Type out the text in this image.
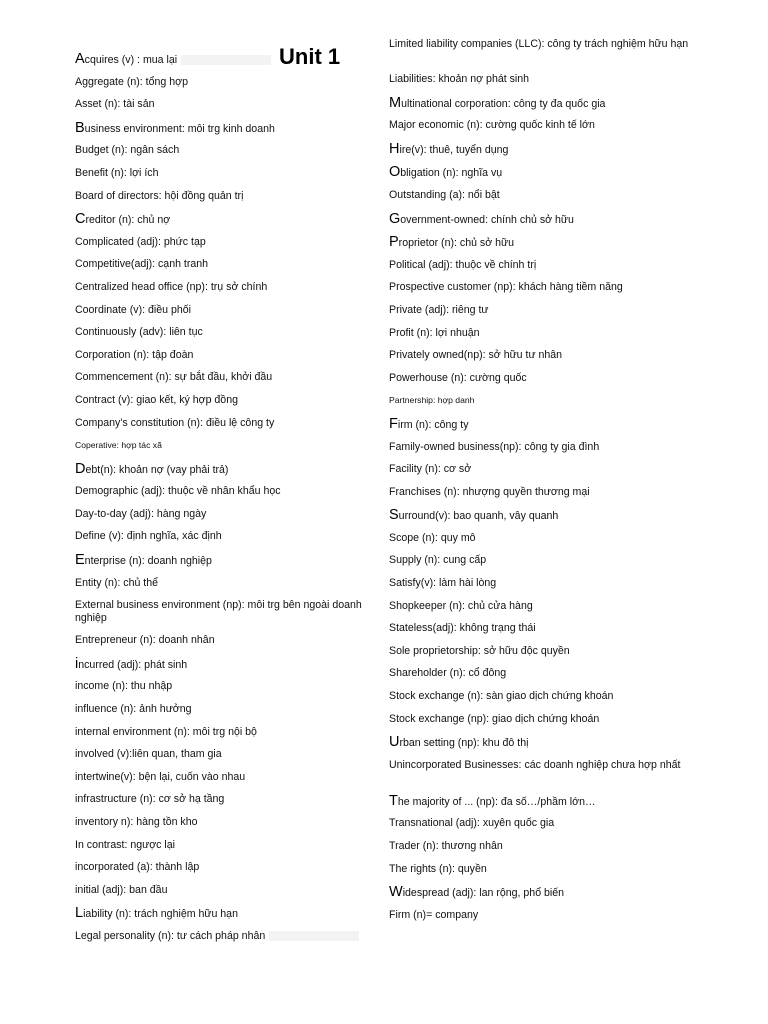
Unit 1
Acquires (v) : mua lại
Aggregate (n): tổng hợp
Asset (n): tài sản
Business environment: môi trg kinh doanh
Budget (n): ngân sách
Benefit (n): lợi ích
Board of directors: hội đồng quản trị
Creditor (n): chủ nợ
Complicated (adj): phức tạp
Competitive(adj): cạnh tranh
Centralized head office (np): trụ sở chính
Coordinate (v): điều phối
Continuously (adv): liên tục
Corporation (n): tập đoàn
Commencement (n): sự bắt đầu, khởi đầu
Contract (v): giao kết, ký hợp đồng
Company's constitution (n): điều lệ công ty
Coperative: hợp tác xã
Debt(n): khoản nợ (vay phải trả)
Demographic (adj): thuộc về nhân khẩu học
Day-to-day (adj): hàng ngày
Define (v): định nghĩa, xác định
Enterprise (n): doanh nghiệp
Entity (n): chủ thể
External business environment (np): môi trg bên ngoài doanh nghiệp
Entrepreneur (n): doanh nhân
incurred (adj): phát sinh
income (n): thu nhập
influence (n): ảnh hưởng
internal environment (n): môi trg nội bộ
involved (v):liên quan, tham gia
intertwine(v): bện lại, cuốn vào nhau
infrastructure (n): cơ sở hạ tầng
inventory n): hàng tồn kho
In contrast: ngược lại
incorporated (a): thành lập
initial (adj): ban đầu
Liability (n): trách nghiệm hữu hạn
Legal personality (n): tư cách pháp nhân
Limited liability companies (LLC): công ty trách nghiệm hữu hạn
Liabilities: khoản nợ phát sinh
Multinational corporation: công ty đa quốc gia
Major economic (n): cường quốc kinh tế lớn
Hire(v): thuê, tuyển dụng
Obligation (n): nghĩa vụ
Outstanding (a): nổi bật
Government-owned: chính chủ sở hữu
Proprietor (n): chủ sở hữu
Political (adj): thuộc về chính trị
Prospective customer (np): khách hàng tiềm năng
Private (adj): riêng tư
Profit (n): lợi nhuận
Privately owned(np): sở hữu tư nhân
Powerhouse (n): cường quốc
Partnership: hợp danh
Firm (n): công ty
Family-owned business(np): công ty gia đình
Facility (n): cơ sở
Franchises (n): nhượng quyền thương mại
Surround(v): bao quanh, vây quanh
Scope (n): quy mô
Supply (n): cung cấp
Satisfy(v): làm hài lòng
Shopkeeper (n): chủ cửa hàng
Stateless(adj): không trạng thái
Sole proprietorship: sở hữu độc quyền
Shareholder (n): cổ đông
Stock exchange (n): sàn giao dịch chứng khoán
Stock exchange (np): giao dịch chứng khoán
Urban setting (np): khu đô thị
Unincorporated Businesses: các doanh nghiệp chưa hợp nhất
The majority of ... (np): đa số…/phầm lớn…
Transnational (adj): xuyên quốc gia
Trader (n): thương nhân
The rights (n): quyền
Widespread (adj): lan rộng, phổ biến
Firm (n)= company
